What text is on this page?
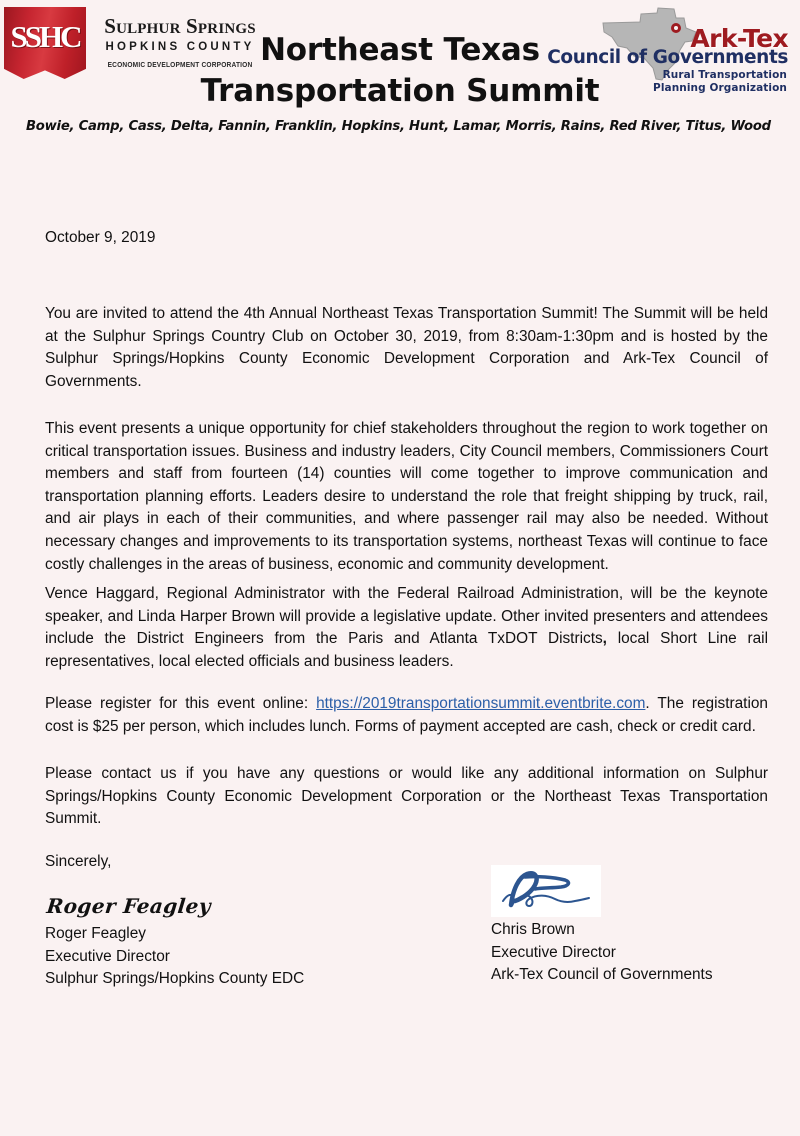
SSHC	Sulphur Springs
HOPKINS COUNTY
ECONOMIC DEVELOPMENT CORPORATION Northeast Texas
Transportation Summit
Ark-Tex
Council of Governments
Rural Transportation
Planning Organization
Bowie, Camp, Cass, Delta, Fannin, Franklin, Hopkins, Hunt, Lamar, Morris, Rains, Red River, Titus, Wood
October 9, 2019

You are invited to attend the 4th Annual Northeast Texas Transportation Summit! The Summit will be held at the Sulphur Springs Country Club on October 30, 2019, from 8:30am-1:30pm and is hosted by the Sulphur Springs/Hopkins County Economic Development Corporation and Ark-Tex Council of Governments.

This event presents a unique opportunity for chief stakeholders throughout the region to work together on critical transportation issues. Business and industry leaders, City Council members, Commissioners Court members and staff from fourteen (14) counties will come together to improve communication and transportation planning efforts. Leaders desire to understand the role that freight shipping by truck, rail, and air plays in each of their communities, and where passenger rail may also be needed. Without necessary changes and improvements to its transportation systems, northeast Texas will continue to face costly challenges in the areas of business, economic and community development.

Vence Haggard, Regional Administrator with the Federal Railroad Administration, will be the keynote speaker, and Linda Harper Brown will provide a legislative update. Other invited presenters and attendees include the District Engineers from the Paris and Atlanta TxDOT Districts, local Short Line rail representatives, local elected officials and business leaders.

Please register for this event online: https://2019transportationsummit.eventbrite.com. The registration cost is $25 per person, which includes lunch. Forms of payment accepted are cash, check or credit card.

Please contact us if you have any questions or would like any additional information on Sulphur Springs/Hopkins County Economic Development Corporation or the Northeast Texas Transportation Summit.

Sincerely,
Roger Feagley
Roger Feagley
Executive Director
Sulphur Springs/Hopkins County EDC
Chris Brown
Executive Director
Ark-Tex Council of Governments
